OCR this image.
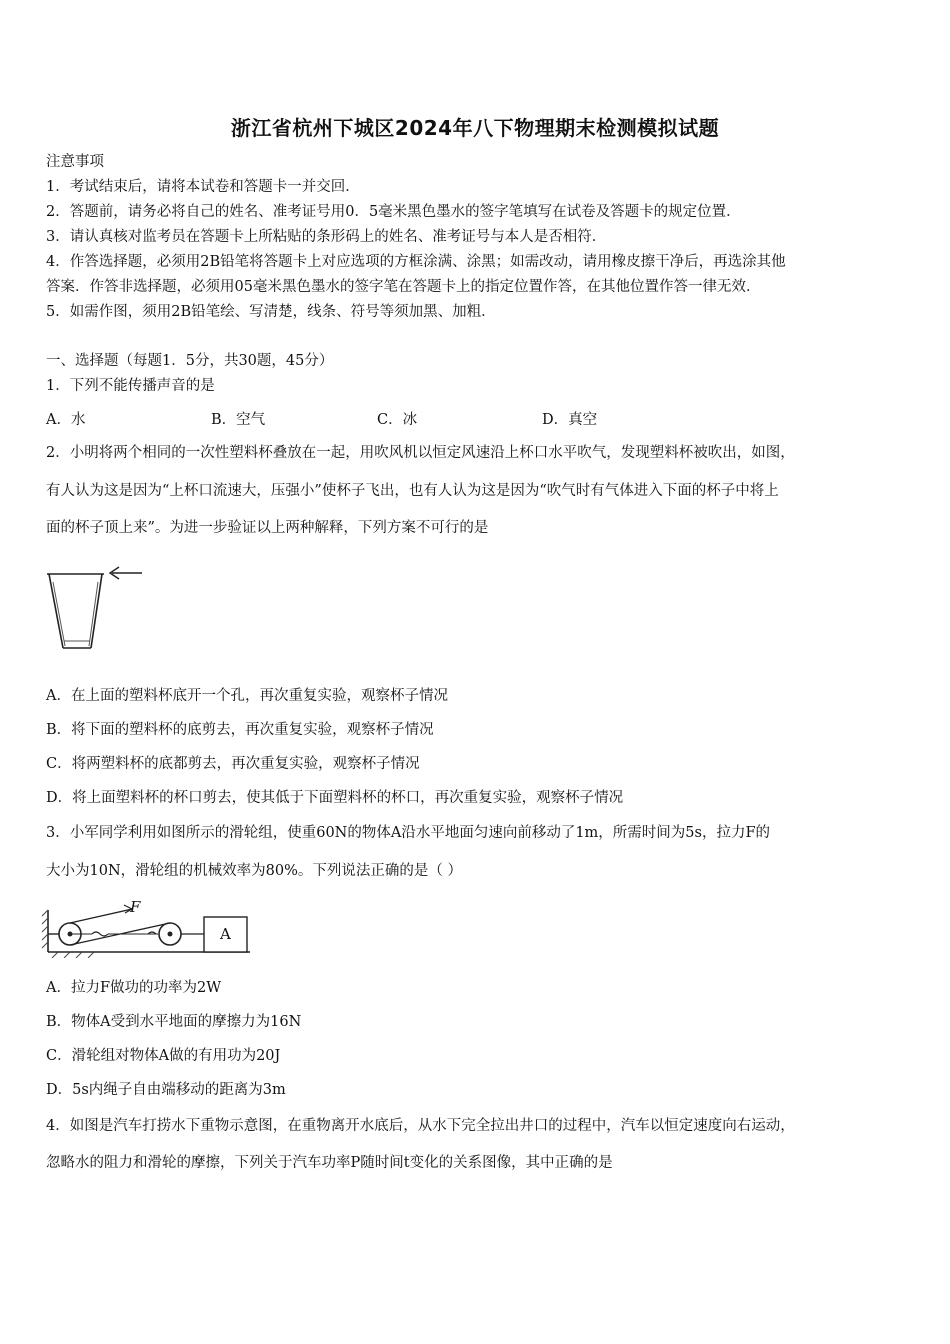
浙江省杭州下城区2024年八下物理期末检测模拟试题
注意事项
1．考试结束后，请将本试卷和答题卡一并交回．
2．答题前，请务必将自己的姓名、准考证号用0．5毫米黑色墨水的签字笔填写在试卷及答题卡的规定位置．
3．请认真核对监考员在答题卡上所粘贴的条形码上的姓名、准考证号与本人是否相符．
4．作答选择题，必须用2B铅笔将答题卡上对应选项的方框涂满、涂黑；如需改动，请用橡皮擦干净后，再选涂其他
答案．作答非选择题，必须用05毫米黑色墨水的签字笔在答题卡上的指定位置作答，在其他位置作答一律无效．
5．如需作图，须用2B铅笔绘、写清楚，线条、符号等须加黑、加粗．
一、选择题（每题1．5分，共30题，45分）
1．下列不能传播声音的是
A．水	B．空气	C．冰	D．真空
2．小明将两个相同的一次性塑料杯叠放在一起，用吹风机以恒定风速沿上杯口水平吹气，发现塑料杯被吹出，如图，
有人认为这是因为“上杯口流速大，压强小”使杯子飞出，也有人认为这是因为“吹气时有气体进入下面的杯子中将上
面的杯子顶上来”。为进一步验证以上两种解释，下列方案不可行的是
A．在上面的塑料杯底开一个孔，再次重复实验，观察杯子情况
B．将下面的塑料杯的底剪去，再次重复实验，观察杯子情况
C．将两塑料杯的底都剪去，再次重复实验，观察杯子情况
D．将上面塑料杯的杯口剪去，使其低于下面塑料杯的杯口，再次重复实验，观察杯子情况
3．小军同学利用如图所示的滑轮组，使重60N的物体A沿水平地面匀速向前移动了1m，所需时间为5s，拉力F的
大小为10N，滑轮组的机械效率为80%。下列说法正确的是（ ）
F
A
A．拉力F做功的功率为2W
B．物体A受到水平地面的摩擦力为16N
C．滑轮组对物体A做的有用功为20J
D．5s内绳子自由端移动的距离为3m
4．如图是汽车打捞水下重物示意图，在重物离开水底后，从水下完全拉出井口的过程中，汽车以恒定速度向右运动，
忽略水的阻力和滑轮的摩擦，下列关于汽车功率P随时间t变化的关系图像，其中正确的是
